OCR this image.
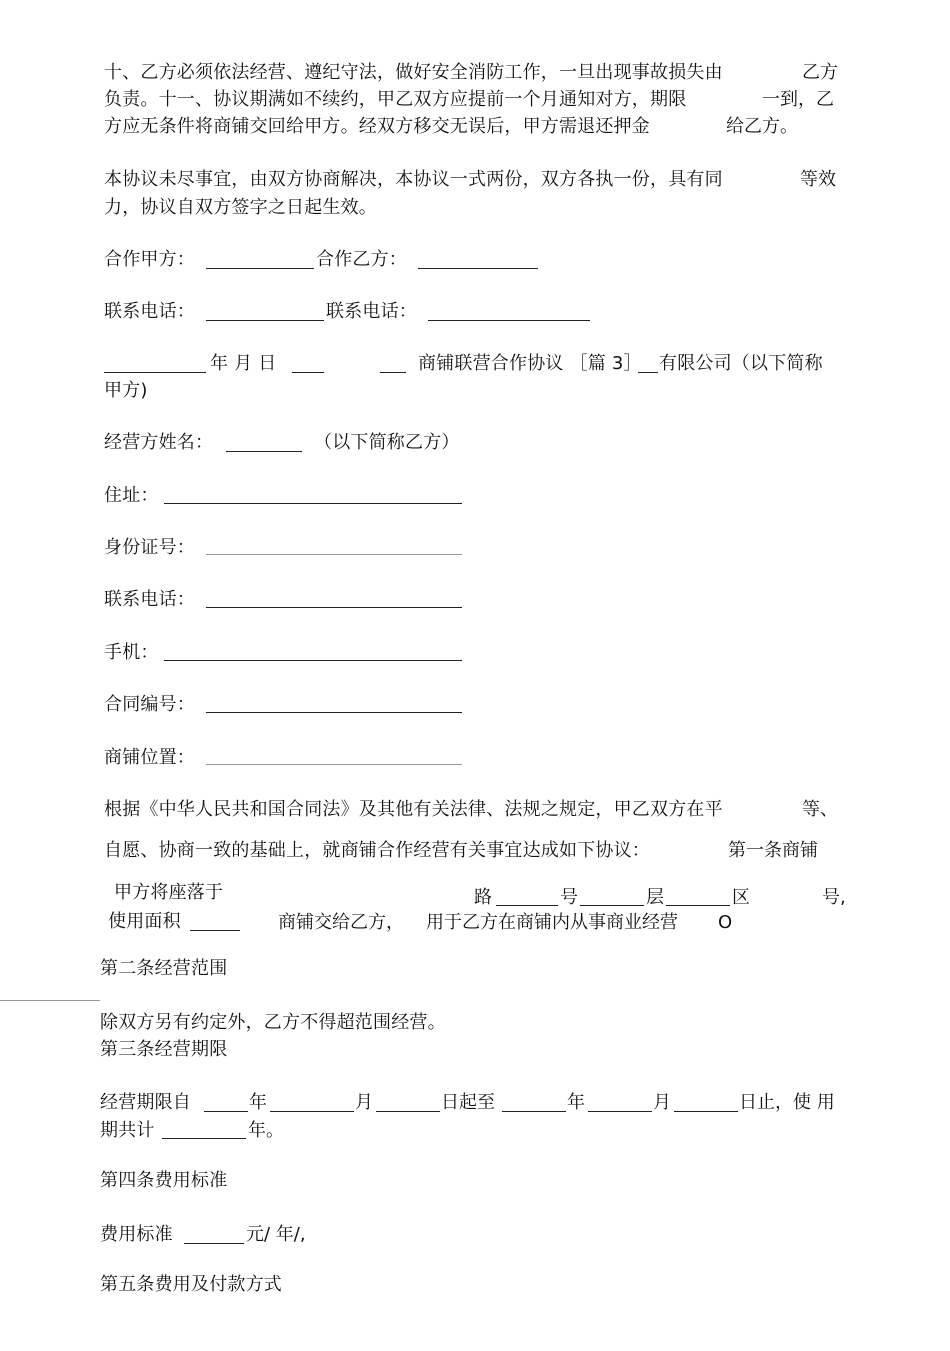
十、乙方必须依法经营、遵纪守法，做好安全消防工作，一旦出现事故损失由	乙方
负责。十一、协议期满如不续约，甲乙双方应提前一个月通知对方，期限	一到，乙
方应无条件将商铺交回给甲方。经双方移交无误后，甲方需退还押金	给乙方。
本协议未尽事宜，由双方协商解决，本协议一式两份，双方各执一份，具有同	等效
力，协议自双方签字之日起生效。
合作甲方：	合作乙方：
联系电话：	联系电话：
年 月 日	商铺联营合作协议 ［篇 3］ 有限公司（以下简称
甲方)
经营方姓名：	（以下简称乙方）
住址：
身份证号：
联系电话：
手机：
合同编号：
商铺位置：
根据《中华人民共和国合同法》及其他有关法律、法规之规定，甲乙双方在平	等、
自愿、协商一致的基础上，就商铺合作经营有关事宜达成如下协议：	第一条商铺
甲方将座落于	路	号	层	区	号,
使用面积	商铺交给乙方， 用于乙方在商铺内从事商业经营 O
第二条经营范围
除双方另有约定外，乙方不得超范围经营。
第三条经营期限
经营期限自	年	月	日起至	年	月	日止，使 用
期共计	年。
第四条费用标准
费用标准	元/ 年/,
第五条费用及付款方式
